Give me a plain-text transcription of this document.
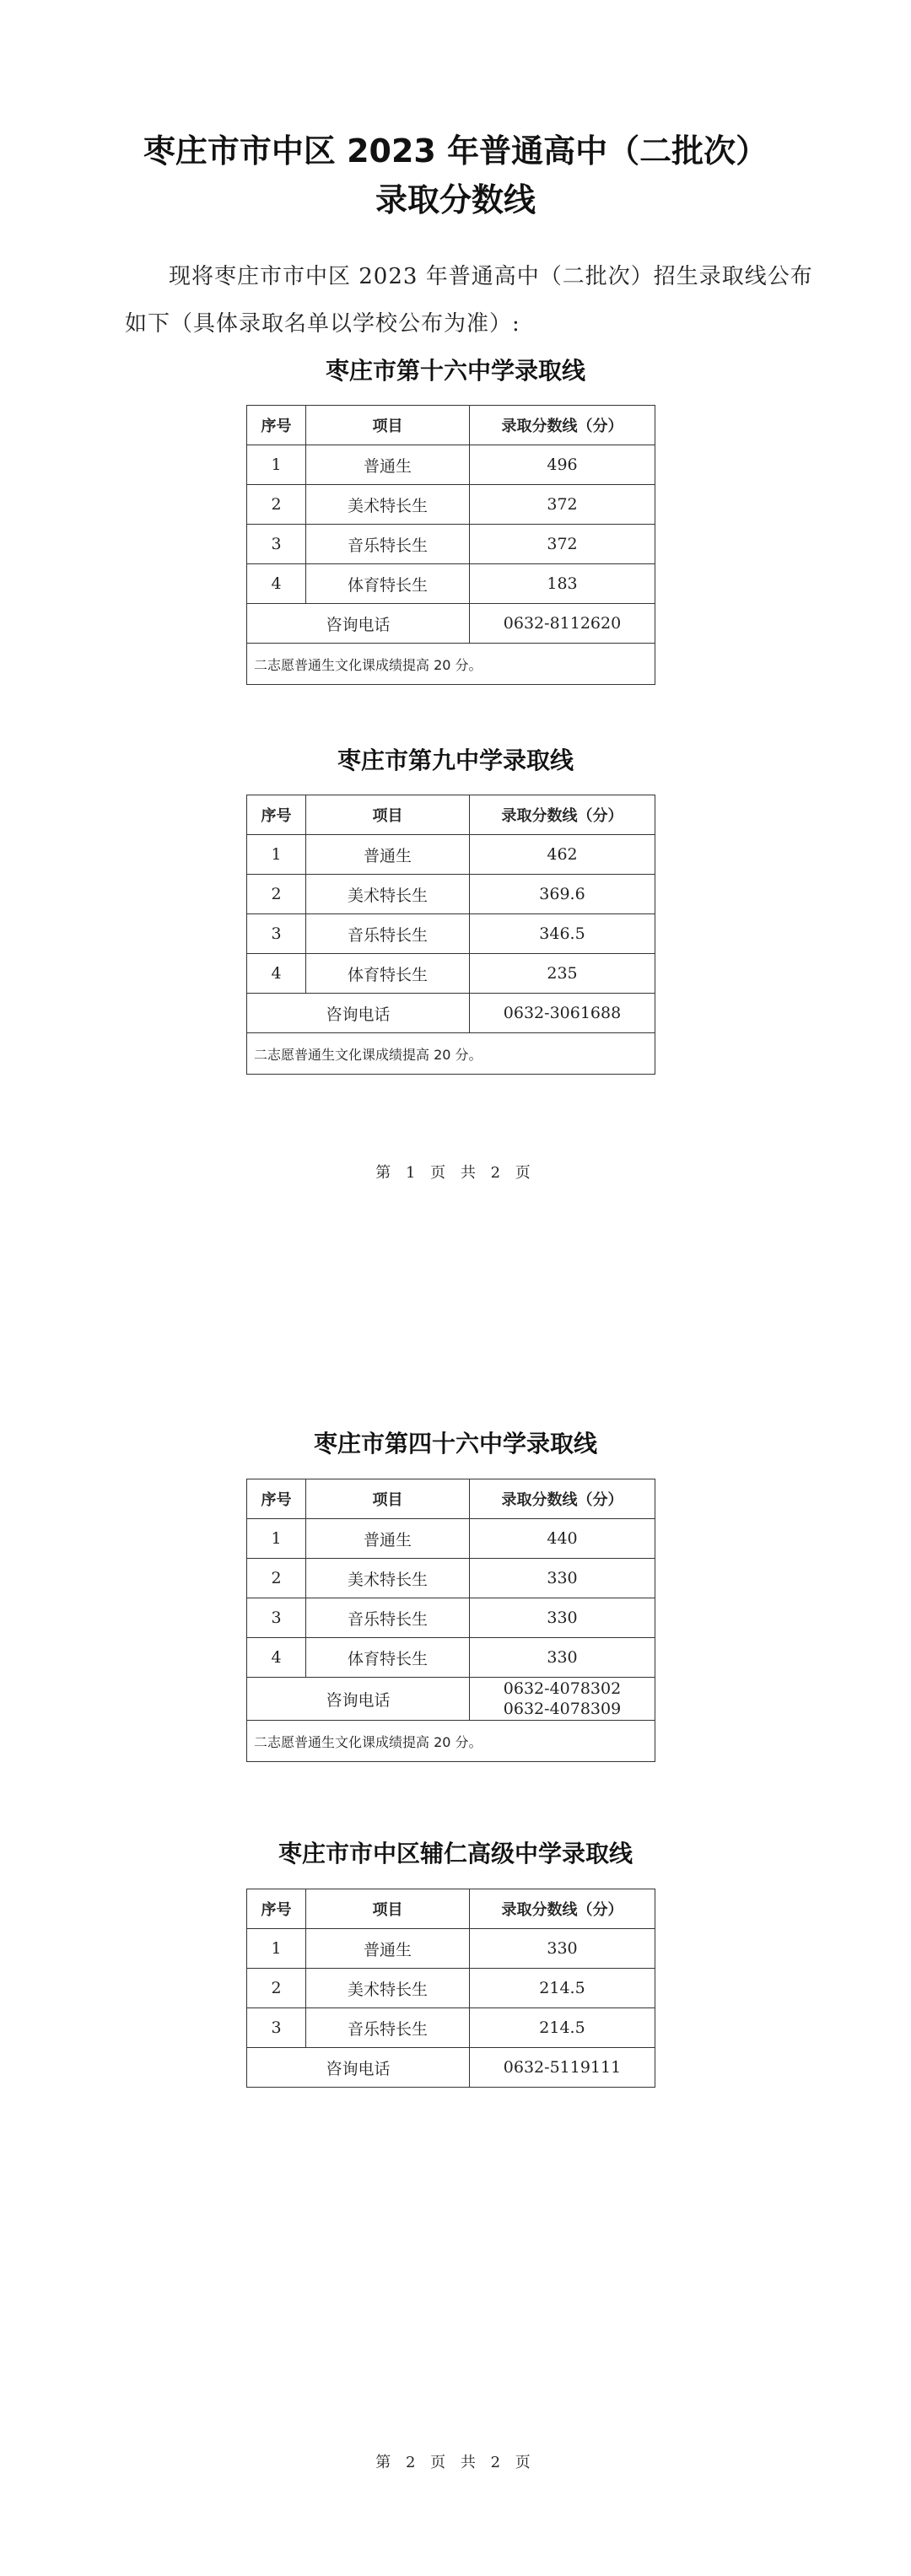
枣庄市市中区 2023 年普通高中（二批次）
录取分数线

现将枣庄市市中区 2023 年普通高中（二批次）招生录取线公布如下（具体录取名单以学校公布为准）:

枣庄市第十六中学录取线
序号	项目	录取分数线（分）
1	普通生	496
2	美术特长生	372
3	音乐特长生	372
4	体育特长生	183
咨询电话		0632-8112620
二志愿普通生文化课成绩提高 20 分。		
枣庄市第九中学录取线
序号	项目	录取分数线（分）
1	普通生	462
2	美术特长生	369.6
3	音乐特长生	346.5
4	体育特长生	235
咨询电话		0632-3061688
二志愿普通生文化课成绩提高 20 分。		
第 1 页 共 2 页
枣庄市第四十六中学录取线
序号	项目	录取分数线（分）
1	普通生	440
2	美术特长生	330
3	音乐特长生	330
4	体育特长生	330
咨询电话		0632-4078302
0632-4078309

二志愿普通生文化课成绩提高 20 分。		
枣庄市市中区辅仁高级中学录取线
序号	项目	录取分数线（分）
1	普通生	330
2	美术特长生	214.5
3	音乐特长生	214.5
咨询电话		0632-5119111
第 2 页 共 2 页
